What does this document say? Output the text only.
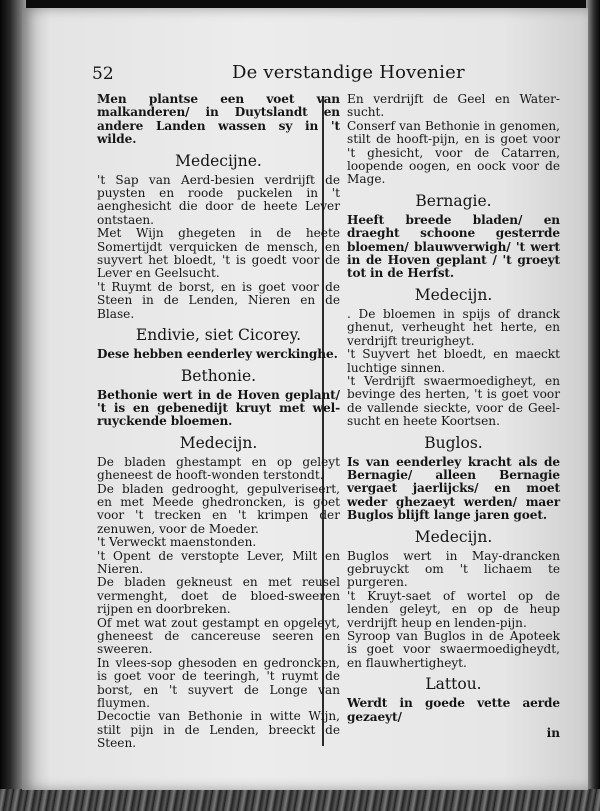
52	De verstandige Hovenier

Men plantse een voet van malkanderen/ in Duytslandt en andere Landen wassen sy in 't wilde.

Medecijne.

't Sap van Aerd-besien verdrijft de puysten en roode puckelen in 't aenghesicht die door de heete Lever ontstaen.

Met Wijn ghegeten in de heete Somertijdt verquicken de mensch, en suyvert het bloedt, 't is goedt voor de Lever en Geelsucht.

't Ruymt de borst, en is goet voor de Steen in de Lenden, Nieren en de Blase.

Endivie, siet Cicorey.

Dese hebben eenderley werckinghe.

Bethonie.

Bethonie wert in de Hoven geplant/ 't is en gebenedijt kruyt met wel-ruyckende bloemen.

Medecijn.

De bladen ghestampt en op geleyt gheneest de hooft-wonden terstondt.

De bladen gedrooght, gepulveriseert, en met Meede ghedroncken, is goet voor 't trecken en 't krimpen der zenuwen, voor de Moeder.

't Verweckt maenstonden.

't Opent de verstopte Lever, Milt en Nieren.

De bladen gekneust en met reusel vermenght, doet de bloed-sweeren rijpen en doorbreken.

Of met wat zout gestampt en opgeleyt, gheneest de cancereuse seeren en sweeren.

In vlees-sop ghesoden en gedroncken, is goet voor de teeringh, 't ruymt de borst, en 't suyvert de Longe van fluymen.

Decoctie van Bethonie in witte Wijn, stilt pijn in de Lenden, breeckt de Steen.

En verdrijft de Geel en Water-sucht.

Conserf van Bethonie in genomen, stilt de hooft-pijn, en is goet voor 't ghesicht, voor de Catarren, loopende oogen, en oock voor de Mage.

Bernagie.

Heeft breede bladen/ en draeght schoone gesterrde bloemen/ blauwverwigh/ 't wert in de Hoven geplant / 't groeyt tot in de Herfst.

Medecijn.

. De bloemen in spijs of dranck ghenut, verheught het herte, en verdrijft treurigheyt.

't Suyvert het bloedt, en maeckt luchtige sinnen.

't Verdrijft swaermoedigheyt, en bevinge des herten, 't is goet voor de vallende sieckte, voor de Geel-sucht en heete Koortsen.

Buglos.

Is van eenderley kracht als de Bernagie/ alleen Bernagie vergaet jaerlijcks/ en moet weder ghezaeyt werden/ maer Buglos blijft lange jaren goet.

Medecijn.

Buglos wert in May-drancken gebruyckt om 't lichaem te purgeren.

't Kruyt-saet of wortel op de lenden geleyt, en op de heup verdrijft heup en lenden-pijn.

Syroop van Buglos in de Apoteek is goet voor swaermoedigheydt, en flauwhertigheyt.

Lattou.

Werdt in goede vette aerde gezaeyt/

in
